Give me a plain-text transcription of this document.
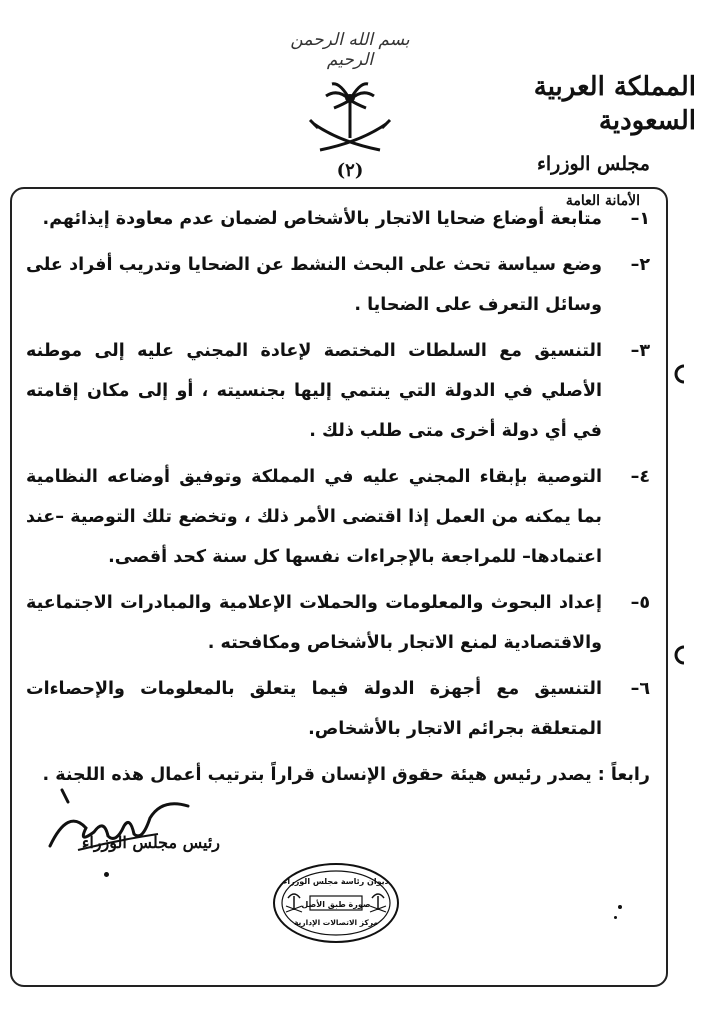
بسم الله الرحمن الرحيم
(٢)
المملكة العربية السعودية
مجلس الوزراء
الأمانة العامة
١–
متابعة أوضاع ضحايا الاتجار بالأشخاص لضمان عدم معاودة إيذائهم.
٢–
وضع سياسة تحث على البحث النشط عن الضحايا وتدريب أفراد على وسائل التعرف على الضحايا .
٣–
التنسيق مع السلطات المختصة لإعادة المجني عليه إلى موطنه الأصلي في الدولة التي ينتمي إليها بجنسيته ، أو إلى مكان إقامته في أي دولة أخرى متى طلب ذلك .
٤–
التوصية بإبقاء المجني عليه في المملكة وتوفيق أوضاعه النظامية بما يمكنه من العمل إذا اقتضى الأمر ذلك ، وتخضع تلك التوصية –عند اعتمادها– للمراجعة بالإجراءات نفسها كل سنة كحد أقصى.
٥–
إعداد البحوث والمعلومات والحملات الإعلامية والمبادرات الاجتماعية والاقتصادية لمنع الاتجار بالأشخاص ومكافحته .
٦–
التنسيق مع أجهزة الدولة فيما يتعلق بالمعلومات والإحصاءات المتعلقة بجرائم الاتجار بالأشخاص.
رابعاً : يصدر رئيس هيئة حقوق الإنسان قراراً بترتيب أعمال هذه اللجنة .
رئيس مجلس الوزراء
ديوان رئاسة مجلس الوزراء
صورة طبق الأصل
مركز الاتصالات الإدارية
